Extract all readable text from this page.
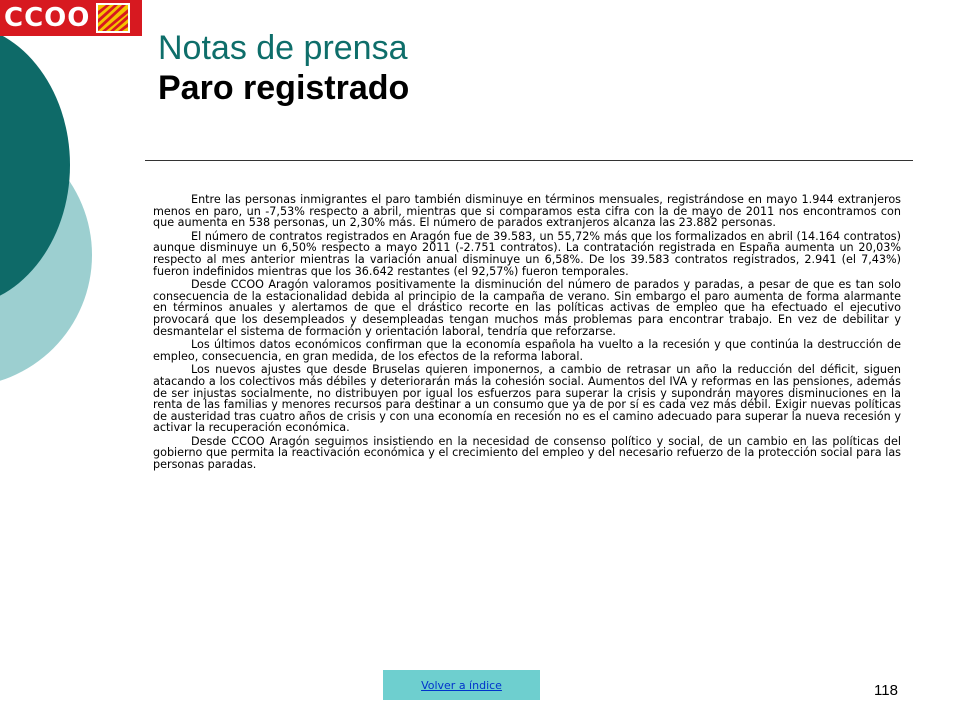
CCOO
Notas de prensa
Paro registrado

Entre las personas inmigrantes el paro también disminuye en términos mensuales, registrándose en mayo 1.944 extranjeros menos en paro, un -7,53% respecto a abril, mientras que si comparamos esta cifra con la de mayo de 2011 nos encontramos con que aumenta en 538 personas, un 2,30% más. El número de parados extranjeros alcanza las 23.882 personas.

El número de contratos registrados en Aragón fue de 39.583, un 55,72% más que los formalizados en abril (14.164 contratos) aunque disminuye un 6,50% respecto a mayo 2011 (-2.751 contratos). La contratación registrada en España aumenta un 20,03% respecto al mes anterior mientras la variación anual disminuye un 6,58%. De los 39.583 contratos registrados, 2.941 (el 7,43%) fueron indefinidos mientras que los 36.642 restantes (el 92,57%) fueron temporales.

Desde CCOO Aragón valoramos positivamente la disminución del número de parados y paradas, a pesar de que es tan solo consecuencia de la estacionalidad debida al principio de la campaña de verano. Sin embargo el paro aumenta de forma alarmante en términos anuales y alertamos de que el drástico recorte en las políticas activas de empleo que ha efectuado el ejecutivo provocará que los desempleados y desempleadas tengan muchos más problemas para encontrar trabajo. En vez de debilitar y desmantelar el sistema de formación y orientación laboral, tendría que reforzarse.

Los últimos datos económicos confirman que la economía española ha vuelto a la recesión y que continúa la destrucción de empleo, consecuencia, en gran medida, de los efectos de la reforma laboral.

Los nuevos ajustes que desde Bruselas quieren imponernos, a cambio de retrasar un año la reducción del déficit, siguen atacando a los colectivos más débiles y deteriorarán más la cohesión social. Aumentos del IVA y reformas en las pensiones, además de ser injustas socialmente, no distribuyen por igual los esfuerzos para superar la crisis y supondrán mayores disminuciones en la renta de las familias y menores recursos para destinar a un consumo que ya de por sí es cada vez más débil. Exigir nuevas políticas de austeridad tras cuatro años de crisis y con una economía en recesión no es el camino adecuado para superar la nueva recesión y activar la recuperación económica.

Desde CCOO Aragón seguimos insistiendo en la necesidad de consenso político y social, de un cambio en las políticas del gobierno que permita la reactivación económica y el crecimiento del empleo y del necesario refuerzo de la protección social para las personas paradas.

Volver a índice	118
